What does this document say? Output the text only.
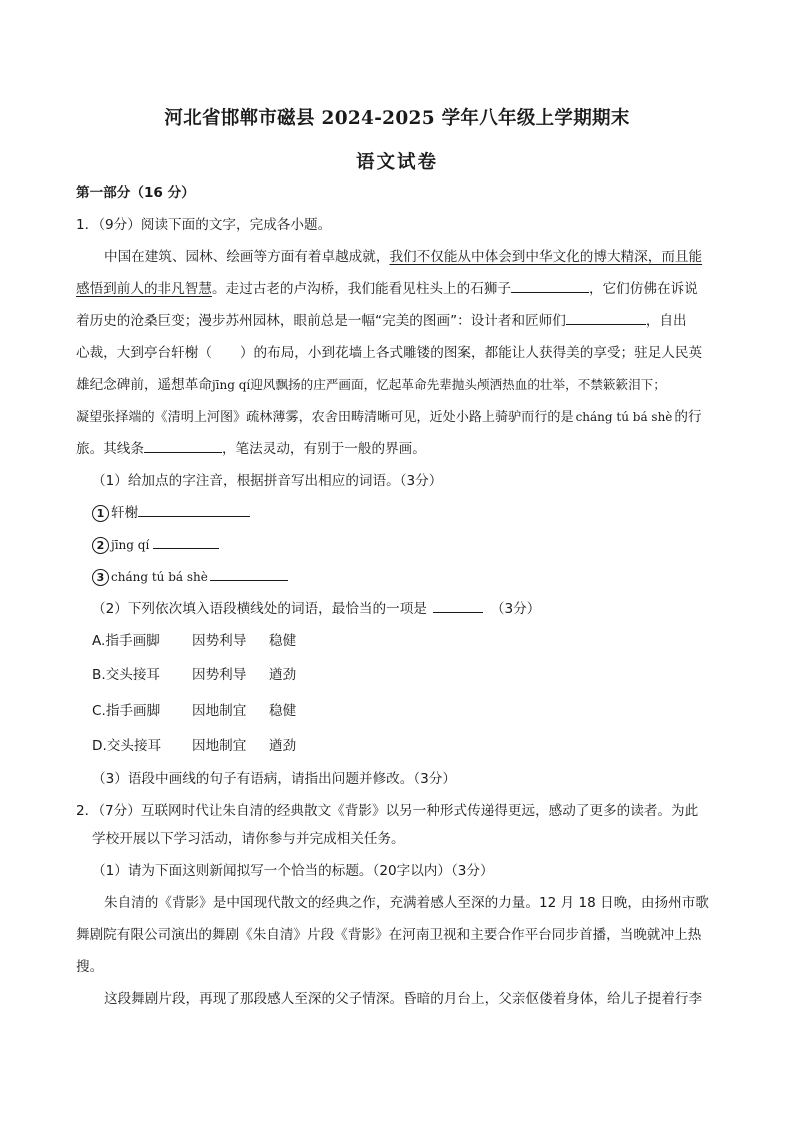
河北省邯郸市磁县 2024-2025 学年八年级上学期期末
语文试卷
第一部分（16 分）
1．（9分）阅读下面的文字，完成各小题。
中国在建筑、园林、绘画等方面有着卓越成就，我们不仅能从中体会到中华文化的博大精深，而且能
感悟到前人的非凡智慧。走过古老的卢沟桥，我们能看见柱头上的石狮子	，它们仿佛在诉说
着历史的沧桑巨变；漫步苏州园林，眼前总是一幅“完美的图画”：设计者和匠师们	，自出
心裁，大到亭台轩榭（ ）的布局，小到花墙上各式雕镂的图案，都能让人获得美的享受；驻足人民英
雄纪念碑前，遥想革命jīng qí迎风飘扬的庄严画面，忆起革命先辈抛头颅洒热血的壮举，不禁簌簌泪下；
凝望张择端的《清明上河图》疏林薄雾，农舍田畴清晰可见，近处小路上骑驴而行的是 cháng tú bá shè 的行
旅。其线条	，笔法灵动，有别于一般的界画。
（1）给加点的字注音，根据拼音写出相应的词语。（3分）
1 轩榭
2 jīng qí
3 cháng tú bá shè
（2）下列依次填入语段横线处的词语，最恰当的一项是	（3分）
A.指手画脚 因势利导 稳健
B.交头接耳 因势利导 遒劲
C.指手画脚 因地制宜 稳健
D.交头接耳 因地制宜 遒劲
（3）语段中画线的句子有语病，请指出问题并修改。（3分）
2．（7分）互联网时代让朱自清的经典散文《背影》以另一种形式传递得更远，感动了更多的读者。为此
学校开展以下学习活动，请你参与并完成相关任务。
（1）请为下面这则新闻拟写一个恰当的标题。（20字以内）（3分）
朱自清的《背影》是中国现代散文的经典之作，充满着感人至深的力量。12 月 18 日晚，由扬州市歌
舞剧院有限公司演出的舞剧《朱自清》片段《背影》在河南卫视和主要合作平台同步首播，当晚就冲上热
搜。
这段舞剧片段，再现了那段感人至深的父子情深。昏暗的月台上，父亲伛偻着身体，给儿子提着行李
